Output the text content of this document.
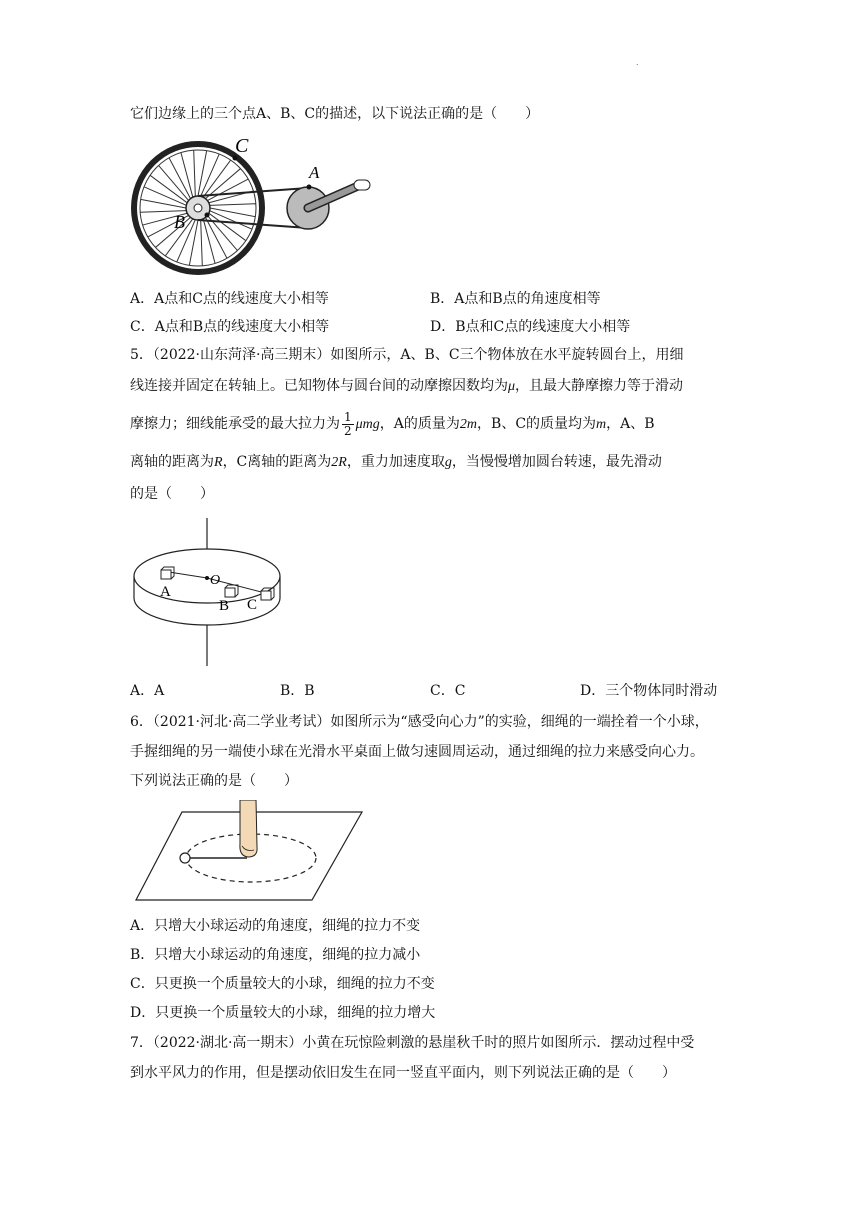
.
它们边缘上的三个点A、B、C的描述，以下说法正确的是（　　）
C
A
B
A．A点和C点的线速度大小相等	B．A点和B点的角速度相等
C．A点和B点的线速度大小相等	D．B点和C点的线速度大小相等
5．（2022·山东菏泽·高三期末）如图所示，A、B、C三个物体放在水平旋转圆台上，用细
线连接并固定在转轴上。已知物体与圆台间的动摩擦因数均为μ，且最大静摩擦力等于滑动
摩擦力；细线能承受的最大拉力为 $\frac{1}{2}$ μmg，A的质量为2m，B、C的质量均为m，A、B
离轴的距离为R，C离轴的距离为2R，重力加速度取g，当慢慢增加圆台转速，最先滑动
的是（　　）
O
A
B C
A．A	B．B	C．C	D．三个物体同时滑动
6．（2021·河北·高二学业考试）如图所示为“感受向心力”的实验，细绳的一端拴着一个小球，
手握细绳的另一端使小球在光滑水平桌面上做匀速圆周运动，通过细绳的拉力来感受向心力。
下列说法正确的是（　　）
A．只增大小球运动的角速度，细绳的拉力不变
B．只增大小球运动的角速度，细绳的拉力减小
C．只更换一个质量较大的小球，细绳的拉力不变
D．只更换一个质量较大的小球，细绳的拉力增大
7．（2022·湖北·高一期末）小黄在玩惊险刺激的悬崖秋千时的照片如图所示．摆动过程中受
到水平风力的作用，但是摆动依旧发生在同一竖直平面内，则下列说法正确的是（　　）
